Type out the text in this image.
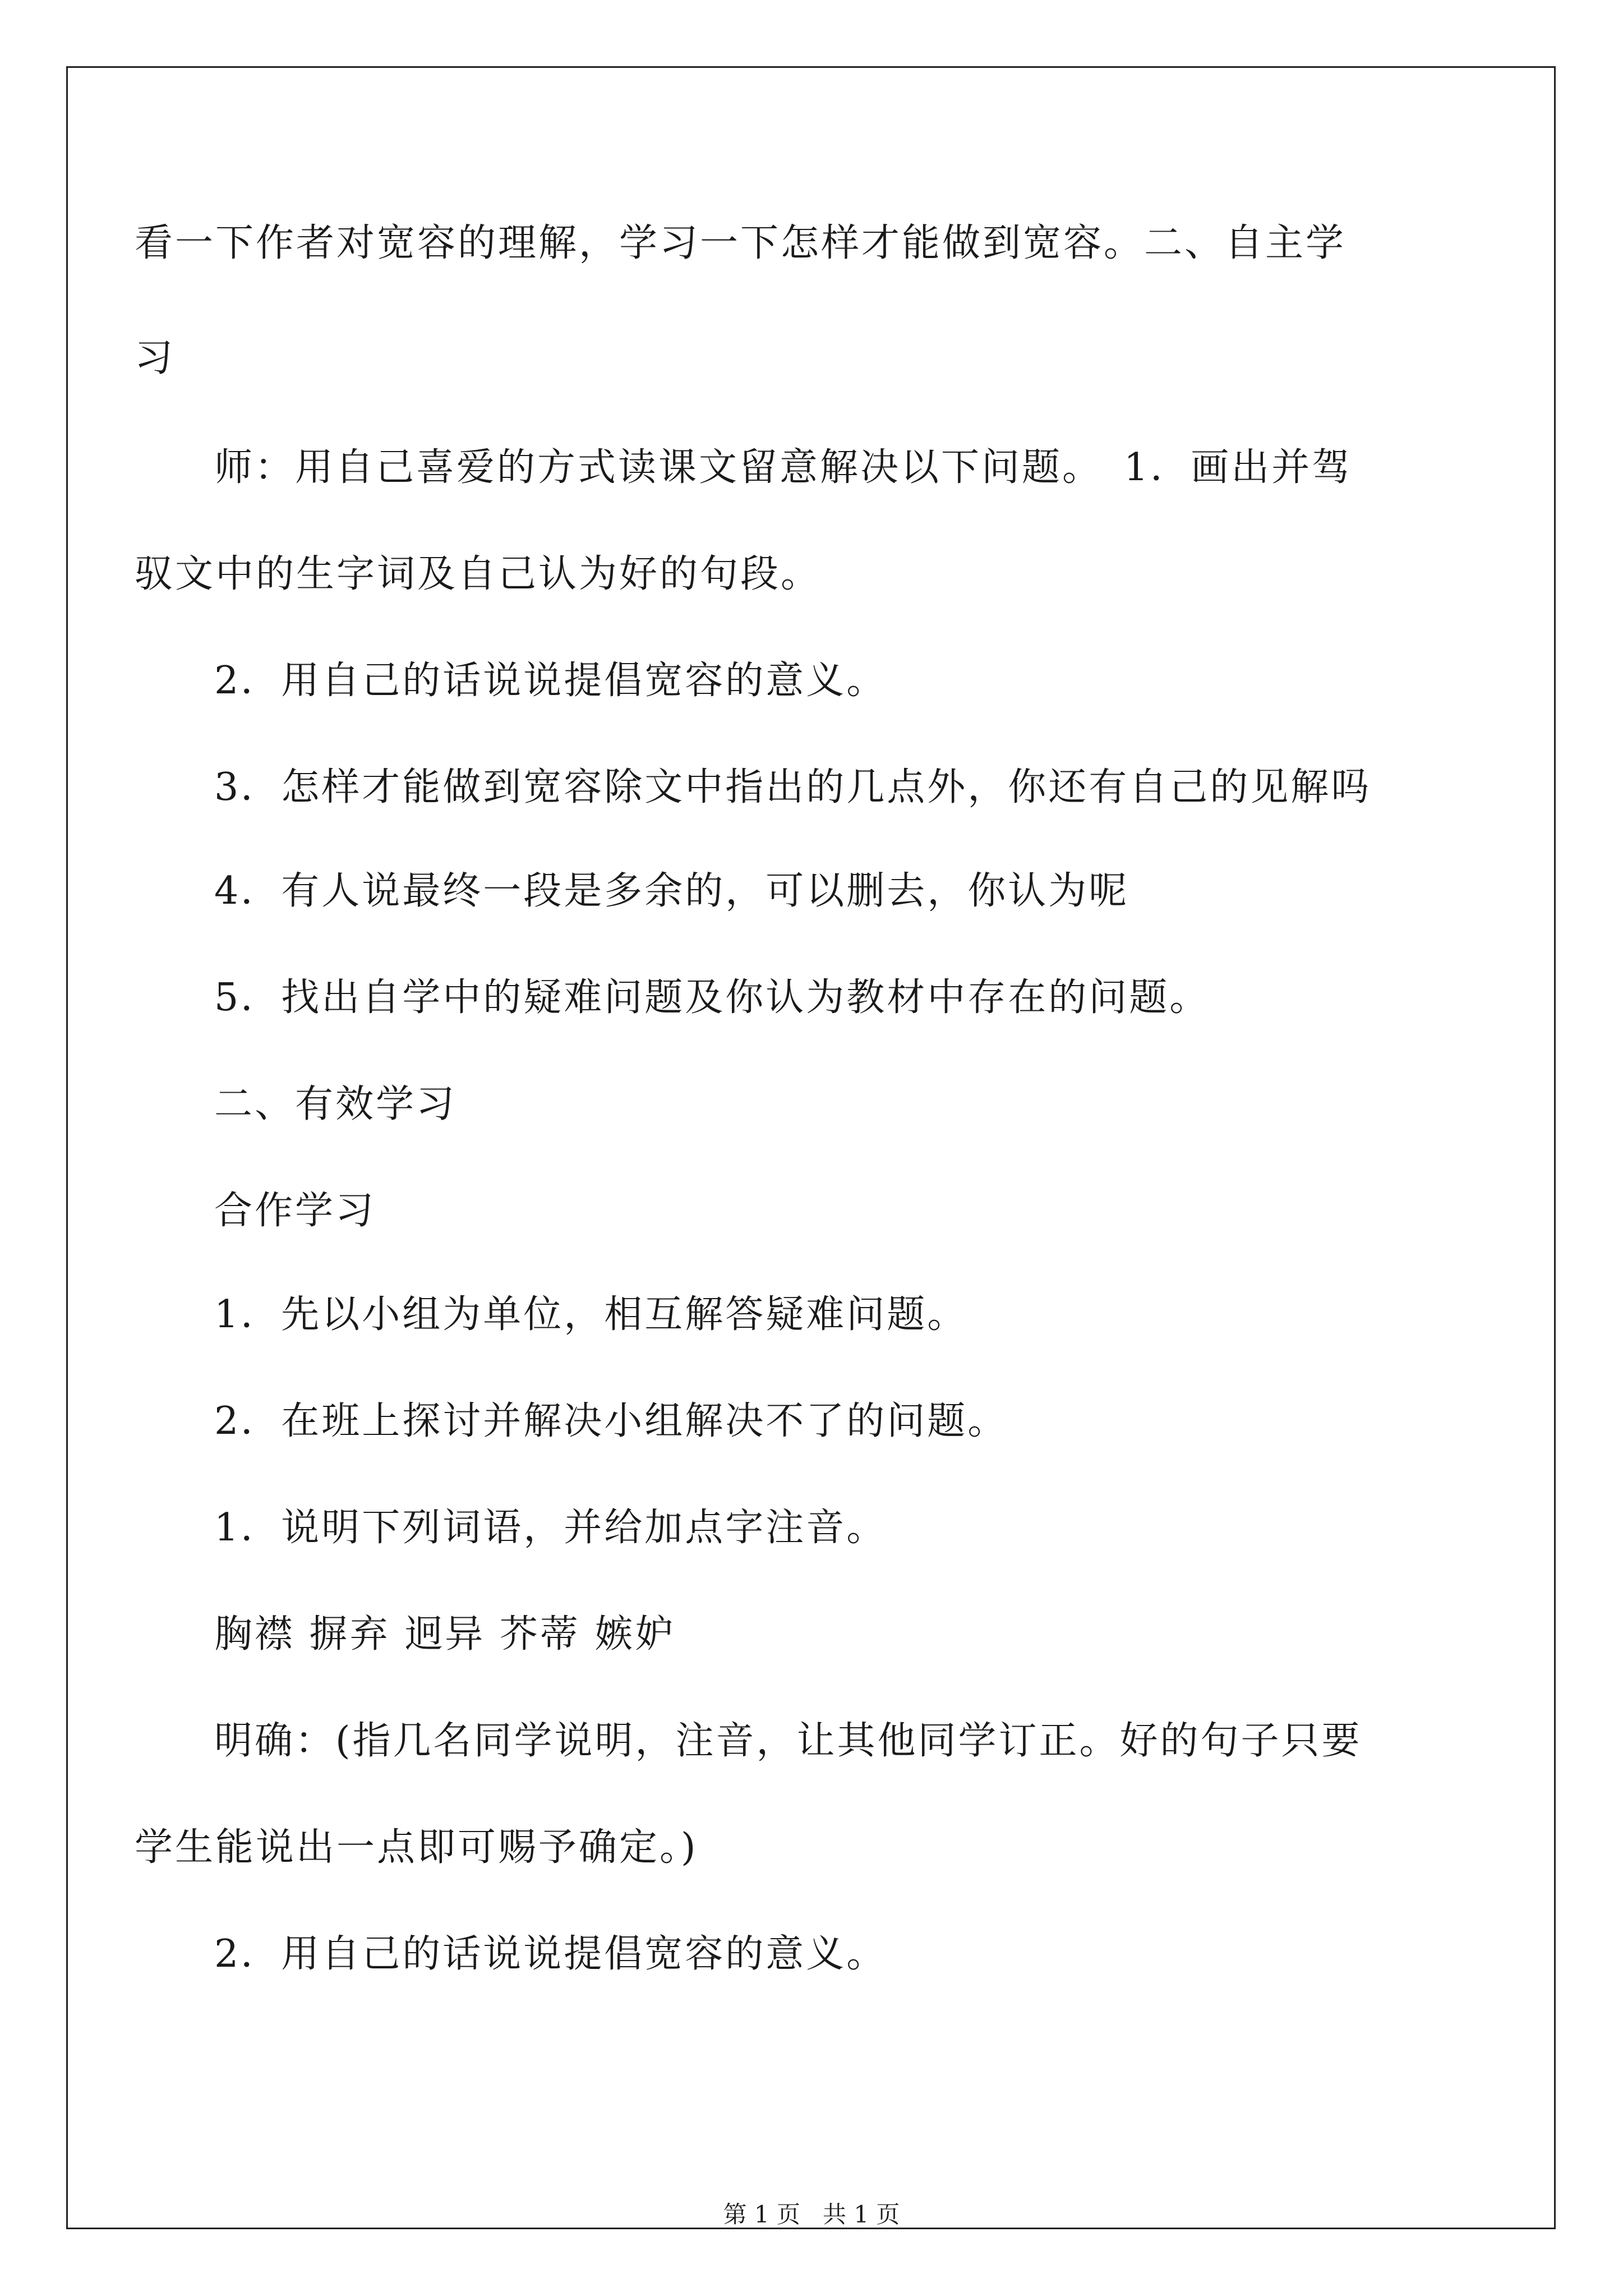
看一下作者对宽容的理解，学习一下怎样才能做到宽容。二、自主学
习
师：用自己喜爱的方式读课文留意解决以下问题。　1．画出并驾
驭文中的生字词及自己认为好的句段。
2．用自己的话说说提倡宽容的意义。
3．怎样才能做到宽容除文中指出的几点外，你还有自己的见解吗
4．有人说最终一段是多余的，可以删去，你认为呢
5．找出自学中的疑难问题及你认为教材中存在的问题。
二、有效学习
合作学习
1．先以小组为单位，相互解答疑难问题。
2．在班上探讨并解决小组解决不了的问题。
1．说明下列词语，并给加点字注音。
胸襟 摒弃 迥异 芥蒂 嫉妒
明确：(指几名同学说明，注音，让其他同学订正。好的句子只要
学生能说出一点即可赐予确定。)
2．用自己的话说说提倡宽容的意义。
第 1 页 共 1 页
